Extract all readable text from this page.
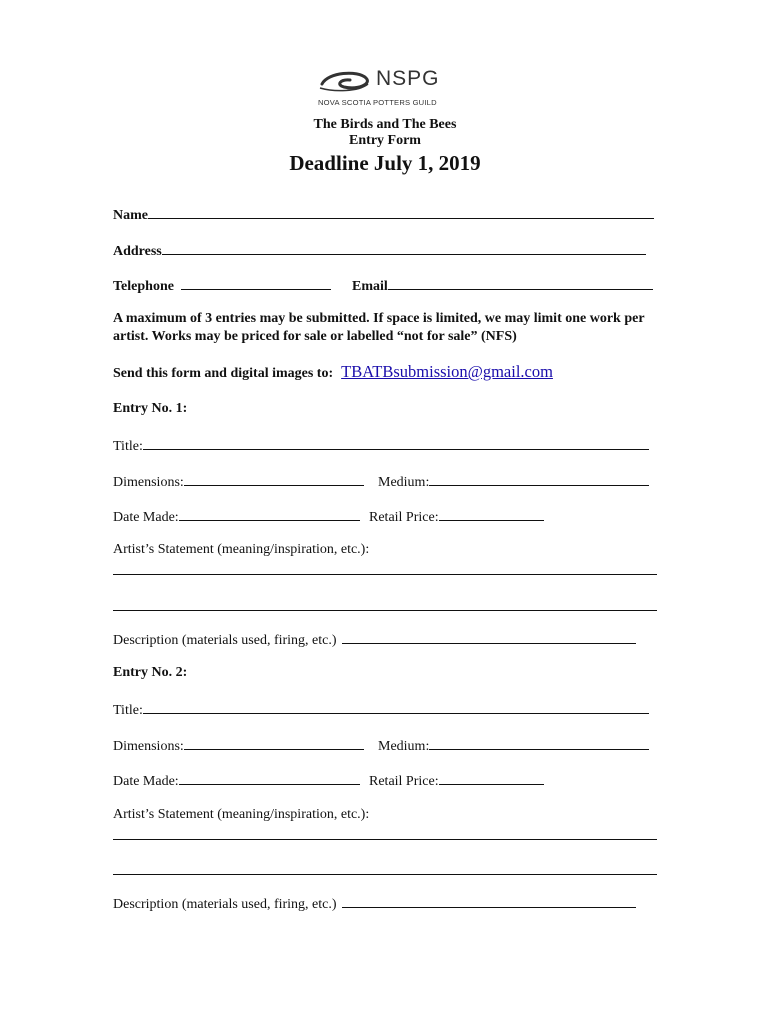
NSPG
NOVA SCOTIA POTTERS GUILD
The Birds and The Bees
Entry Form
Deadline July 1, 2019
Name
Address
Telephone	Email
A maximum of 3 entries may be submitted. If space is limited, we may limit one work per artist. Works may be priced for sale or labelled “not for sale” (NFS)
Send this form and digital images to: TBATBsubmission@gmail.com
Entry No. 1:
Title:
Dimensions:	Medium:
Date Made:	Retail Price:
Artist’s Statement (meaning/inspiration, etc.):
Description (materials used, firing, etc.)
Entry No. 2:
Title:
Dimensions:	Medium:
Date Made:	Retail Price:
Artist’s Statement (meaning/inspiration, etc.):
Description (materials used, firing, etc.)
